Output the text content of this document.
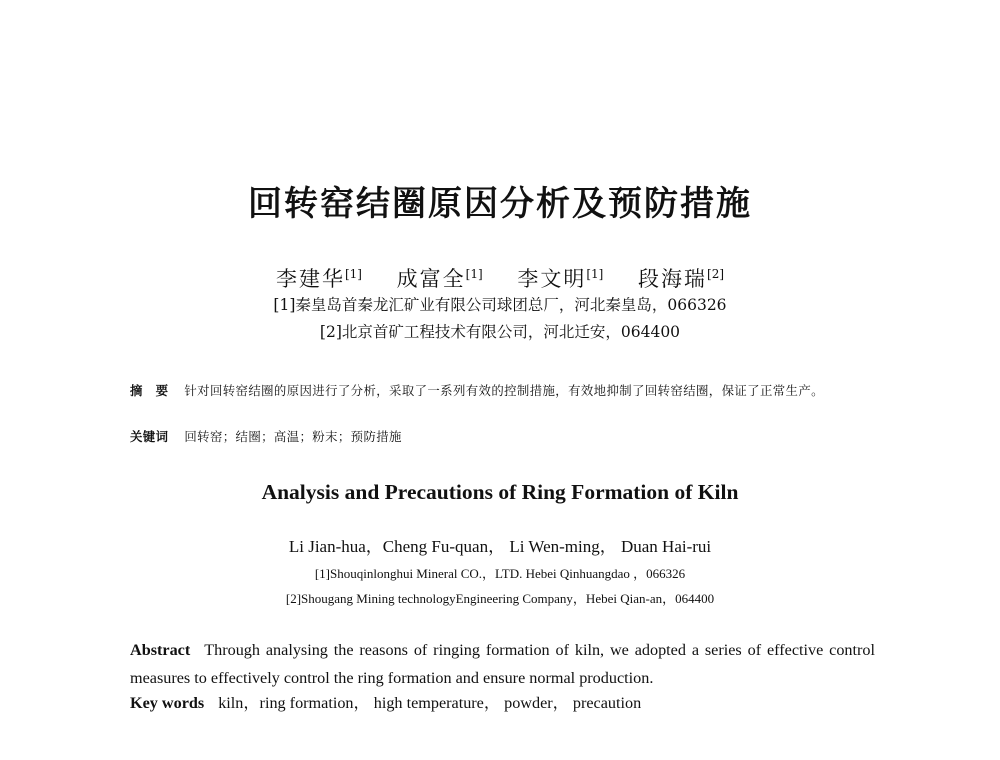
回转窑结圈原因分析及预防措施
李建华[1] 成富全[1] 李文明[1] 段海瑞[2]
[1]秦皇岛首秦龙汇矿业有限公司球团总厂，河北秦皇岛，066326
[2]北京首矿工程技术有限公司，河北迁安，064400
摘　要 针对回转窑结圈的原因进行了分析，采取了一系列有效的控制措施，有效地抑制了回转窑结圈，保证了正常生产。
关键词 回转窑；结圈；高温；粉末；预防措施
Analysis and Precautions of Ring Formation of Kiln
Li Jian-hua，Cheng Fu-quan， Li Wen-ming， Duan Hai-rui
[1]Shouqinlonghui Mineral CO.，LTD. Hebei Qinhuangdao ，066326
[2]Shougang Mining technologyEngineering Company，Hebei Qian-an，064400
Abstract Through analysing the reasons of ringing formation of kiln, we adopted a series of effective control measures to effectively control the ring formation and ensure normal production.
Key words kiln，ring formation， high temperature， powder， precaution
